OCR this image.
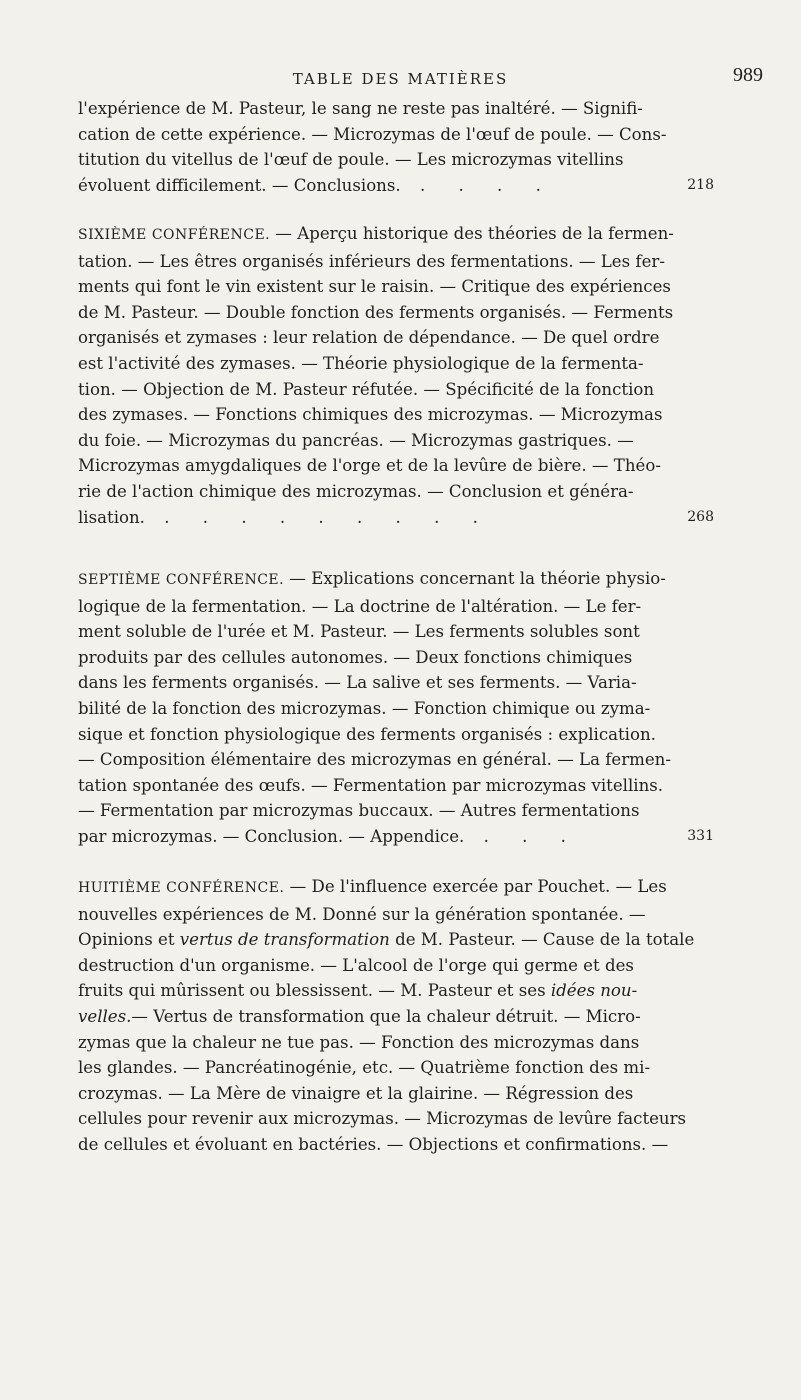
TABLE DES MATIÈRES	989
l'expérience de M. Pasteur, le sang ne reste pas inaltéré. — Signifi-
cation de cette expérience. — Microzymas de l'œuf de poule. — Cons-
titution du vitellus de l'œuf de poule. — Les microzymas vitellins
évoluent difficilement. — Conclusions. . . . .	218
SIXIÈME CONFÉRENCE. — Aperçu historique des théories de la fermen-
tation. — Les êtres organisés inférieurs des fermentations. — Les fer-
ments qui font le vin existent sur le raisin. — Critique des expériences
de M. Pasteur. — Double fonction des ferments organisés. — Ferments
organisés et zymases : leur relation de dépendance. — De quel ordre
est l'activité des zymases. — Théorie physiologique de la fermenta-
tion. — Objection de M. Pasteur réfutée. — Spécificité de la fonction
des zymases. — Fonctions chimiques des microzymas. — Microzymas
du foie. — Microzymas du pancréas. — Microzymas gastriques. —
Microzymas amygdaliques de l'orge et de la levûre de bière. — Théo-
rie de l'action chimique des microzymas. — Conclusion et généra-
lisation. . . . . . . . . .	268
SEPTIÈME CONFÉRENCE. — Explications concernant la théorie physio-
logique de la fermentation. — La doctrine de l'altération. — Le fer-
ment soluble de l'urée et M. Pasteur. — Les ferments solubles sont
produits par des cellules autonomes. — Deux fonctions chimiques
dans les ferments organisés. — La salive et ses ferments. — Varia-
bilité de la fonction des microzymas. — Fonction chimique ou zyma-
sique et fonction physiologique des ferments organisés : explication.
— Composition élémentaire des microzymas en général. — La fermen-
tation spontanée des œufs. — Fermentation par microzymas vitellins.
— Fermentation par microzymas buccaux. — Autres fermentations
par microzymas. — Conclusion. — Appendice. . . .	331
HUITIÈME CONFÉRENCE. — De l'influence exercée par Pouchet. — Les
nouvelles expériences de M. Donné sur la génération spontanée. —
Opinions et vertus de transformation de M. Pasteur. — Cause de la totale
destruction d'un organisme. — L'alcool de l'orge qui germe et des
fruits qui mûrissent ou blessissent. — M. Pasteur et ses idées nou-
velles.— Vertus de transformation que la chaleur détruit. — Micro-
zymas que la chaleur ne tue pas. — Fonction des microzymas dans
les glandes. — Pancréatinogénie, etc. — Quatrième fonction des mi-
crozymas. — La Mère de vinaigre et la glairine. — Régression des
cellules pour revenir aux microzymas. — Microzymas de levûre facteurs
de cellules et évoluant en bactéries. — Objections et confirmations. —
